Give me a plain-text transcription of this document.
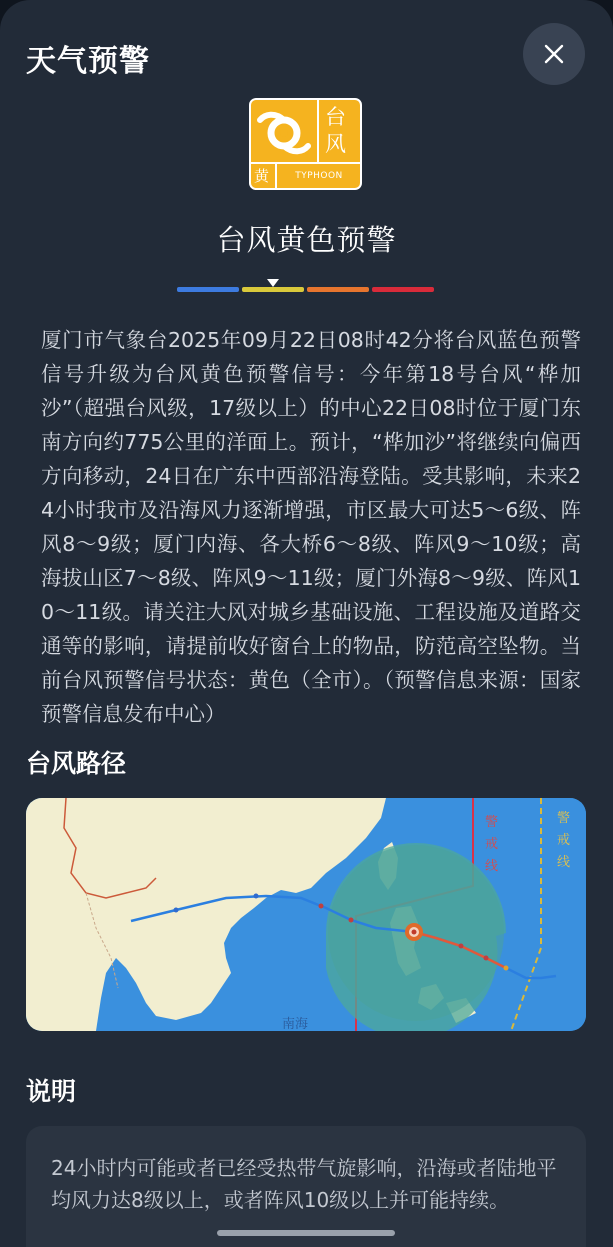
天气预警
台
风
黄	TYPHOON
台风黄色预警
厦门市气象台2025年09月22日08时42分将台风蓝色预警信号升级为台风黄色预警信号：今年第18号台风“桦加沙”（超强台风级，17级以上）的中心22日08时位于厦门东南方向约775公里的洋面上。预计，“桦加沙”将继续向偏西方向移动，24日在广东中西部沿海登陆。受其影响，未来24小时我市及沿海风力逐渐增强，市区最大可达5～6级、阵风8～9级；厦门内海、各大桥6～8级、阵风9～10级；高海拔山区7～8级、阵风9～11级；厦门外海8～9级、阵风10～11级。请关注大风对城乡基础设施、工程设施及道路交通等的影响，请提前收好窗台上的物品，防范高空坠物。当前台风预警信号状态：黄色（全市）。（预警信息来源：国家预警信息发布中心）
台风路径
警 戒 线
警 戒 线
南海
说明
24小时内可能或者已经受热带气旋影响，沿海或者陆地平均风力达8级以上，或者阵风10级以上并可能持续。
